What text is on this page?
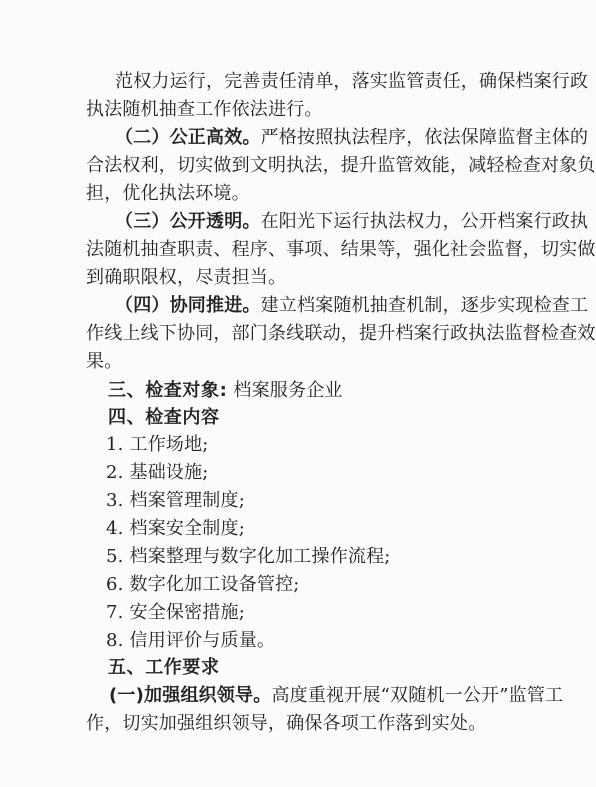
范权力运行，完善责任清单，落实监管责任，确保档案行政
执法随机抽查工作依法进行。
（二）公正高效。严格按照执法程序，依法保障监督主体的
合法权利，切实做到文明执法，提升监管效能，减轻检查对象负
担，优化执法环境。
（三）公开透明。在阳光下运行执法权力，公开档案行政执
法随机抽查职责、程序、事项、结果等，强化社会监督，切实做
到确职限权，尽责担当。
（四）协同推进。建立档案随机抽查机制，逐步实现检查工
作线上线下协同，部门条线联动，提升档案行政执法监督检查效
果。
三、检查对象: 档案服务企业
四、检查内容
1. 工作场地;
2. 基础设施;
3. 档案管理制度;
4. 档案安全制度;
5. 档案整理与数字化加工操作流程;
6. 数字化加工设备管控;
7. 安全保密措施;
8. 信用评价与质量。
五、工作要求
(一)加强组织领导。高度重视开展“双随机一公开”监管工
作，切实加强组织领导，确保各项工作落到实处。
